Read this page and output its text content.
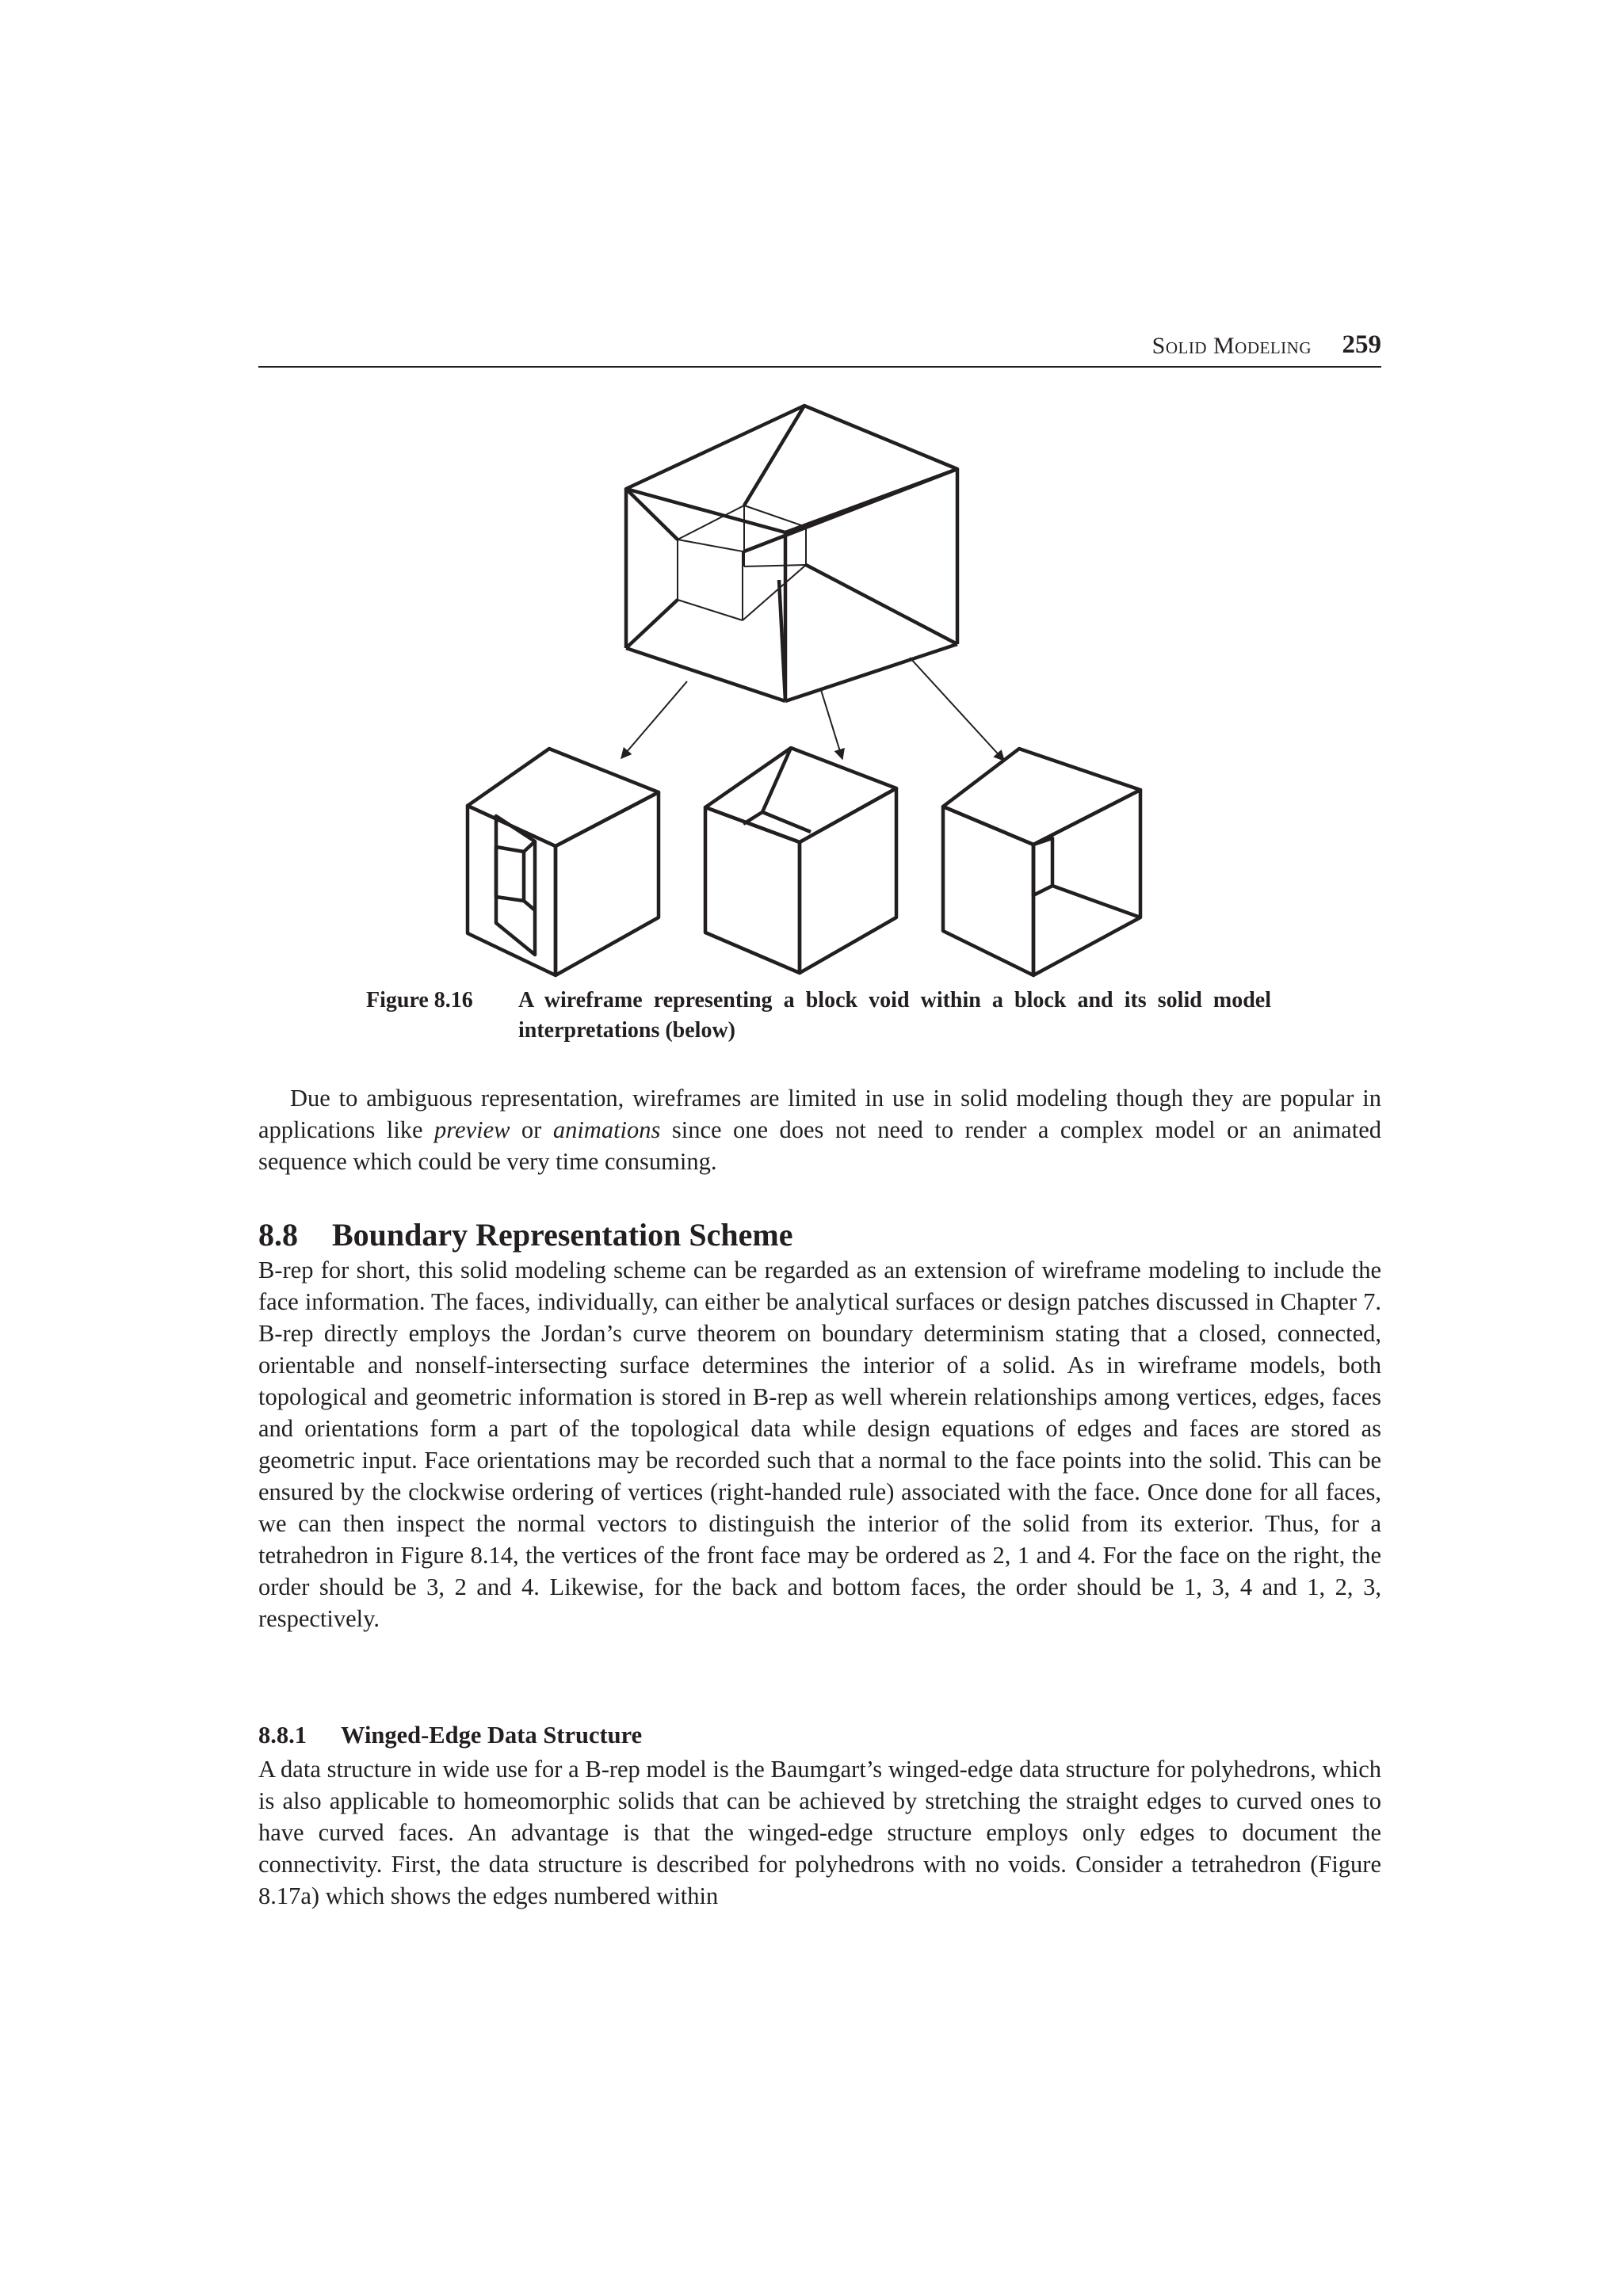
Solid Modeling 259
Figure 8.16 A wireframe representing a block void within a block and its solid model interpretations (below)

Due to ambiguous representation, wireframes are limited in use in solid modeling though they are popular in applications like preview or animations since one does not need to render a complex model or an animated sequence which could be very time consuming.

8.8 Boundary Representation Scheme

B-rep for short, this solid modeling scheme can be regarded as an extension of wireframe modeling to include the face information. The faces, individually, can either be analytical surfaces or design patches discussed in Chapter 7. B-rep directly employs the Jordan’s curve theorem on boundary determinism stating that a closed, connected, orientable and nonself-intersecting surface determines the interior of a solid. As in wireframe models, both topological and geometric information is stored in B-rep as well wherein relationships among vertices, edges, faces and orientations form a part of the topological data while design equations of edges and faces are stored as geometric input. Face orientations may be recorded such that a normal to the face points into the solid. This can be ensured by the clockwise ordering of vertices (right-handed rule) associated with the face. Once done for all faces, we can then inspect the normal vectors to distinguish the interior of the solid from its exterior. Thus, for a tetrahedron in Figure 8.14, the vertices of the front face may be ordered as 2, 1 and 4. For the face on the right, the order should be 3, 2 and 4. Likewise, for the back and bottom faces, the order should be 1, 3, 4 and 1, 2, 3, respectively.

8.8.1 Winged-Edge Data Structure

A data structure in wide use for a B-rep model is the Baumgart’s winged-edge data structure for polyhedrons, which is also applicable to homeomorphic solids that can be achieved by stretching the straight edges to curved ones to have curved faces. An advantage is that the winged-edge structure employs only edges to document the connectivity. First, the data structure is described for polyhedrons with no voids. Consider a tetrahedron (Figure 8.17a) which shows the edges numbered within
